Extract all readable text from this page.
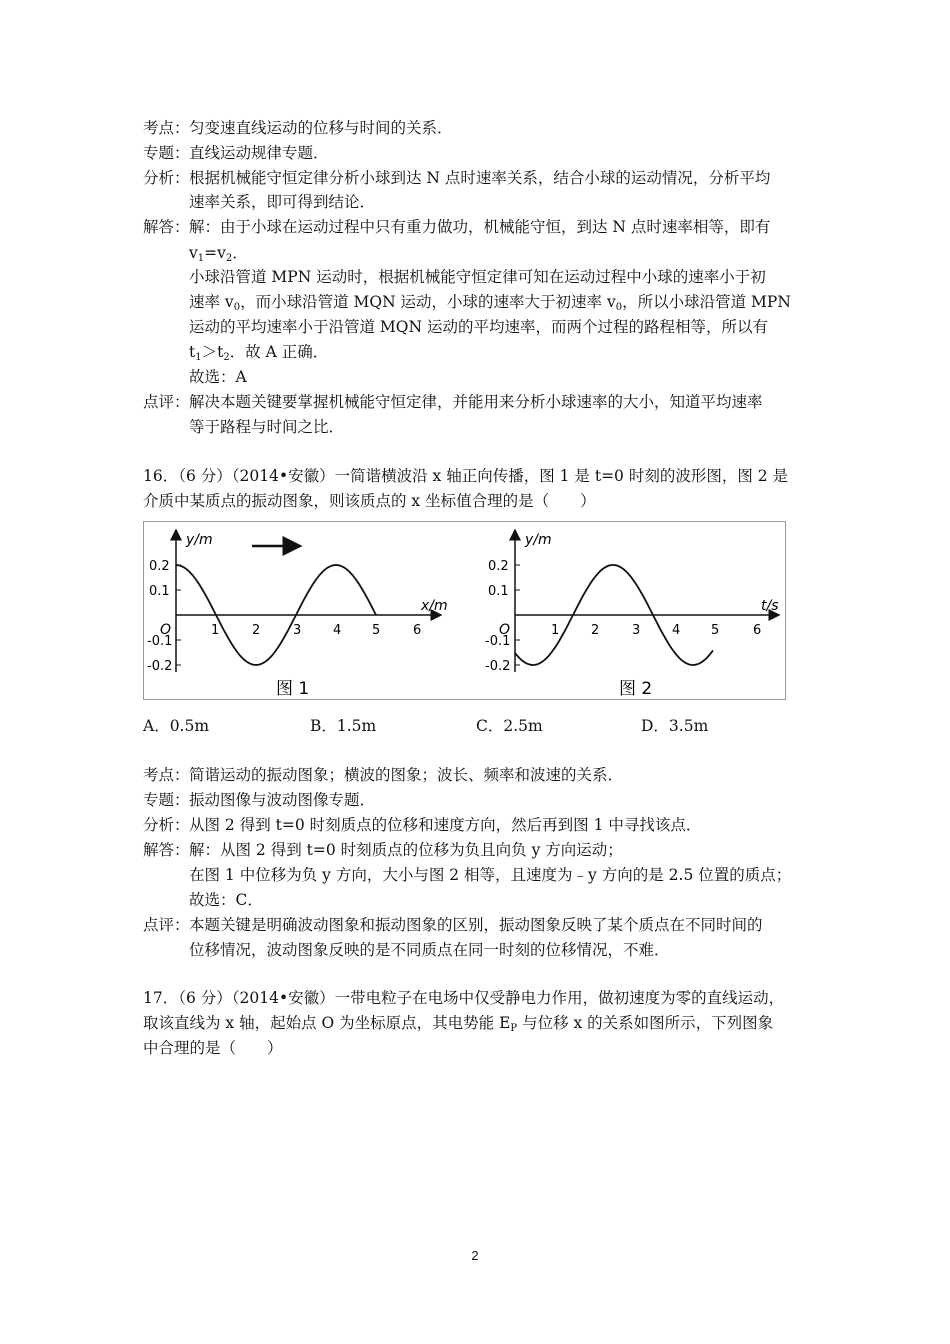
考点： 匀变速直线运动的位移与时间的关系．
专题： 直线运动规律专题．
分析： 根据机械能守恒定律分析小球到达 N 点时速率关系，结合小球的运动情况，分析平均
速率关系，即可得到结论．
解答： 解：由于小球在运动过程中只有重力做功，机械能守恒，到达 N 点时速率相等，即有
$v_1=v_2$．
小球沿管道 MPN 运动时，根据机械能守恒定律可知在运动过程中小球的速率小于初
速率 $v_0$，而小球沿管道 MQN 运动，小球的速率大于初速率 $v_0$，所以小球沿管道 MPN
运动的平均速率小于沿管道 MQN 运动的平均速率，而两个过程的路程相等，所以有
$t_1>t_2$．故 A 正确．
故选：A
点评： 解决本题关键要掌握机械能守恒定律，并能用来分析小球速率的大小，知道平均速率
等于路程与时间之比．
16．（6 分）（2014•安徽）一简谐横波沿 x 轴正向传播，图 1 是 t=0 时刻的波形图，图 2 是
介质中某质点的振动图象，则该质点的 x 坐标值合理的是（　　）
y/m
x/m
O
0.2
0.1
-0.1
-0.2
1	2	3 4 5	6
图 1
y/m
t/s
O
0.2
0.1
-0.1
-0.2
1 2	3 4 5	6
图 2
A．0.5m	B．1.5m	C．2.5m	D．3.5m
考点： 简谐运动的振动图象；横波的图象；波长、频率和波速的关系．
专题： 振动图像与波动图像专题．
分析： 从图 2 得到 t=0 时刻质点的位移和速度方向，然后再到图 1 中寻找该点．
解答： 解：从图 2 得到 t=0 时刻质点的位移为负且向负 y 方向运动；
在图 1 中位移为负 y 方向，大小与图 2 相等，且速度为﹣y 方向的是 2.5 位置的质点；
故选：C．
点评： 本题关键是明确波动图象和振动图象的区别，振动图象反映了某个质点在不同时间的
位移情况，波动图象反映的是不同质点在同一时刻的位移情况，不难．
17．（6 分）（2014•安徽）一带电粒子在电场中仅受静电力作用，做初速度为零的直线运动，
取该直线为 x 轴，起始点 O 为坐标原点，其电势能 $E_P$ 与位移 x 的关系如图所示，下列图象
中合理的是（　　）
2
